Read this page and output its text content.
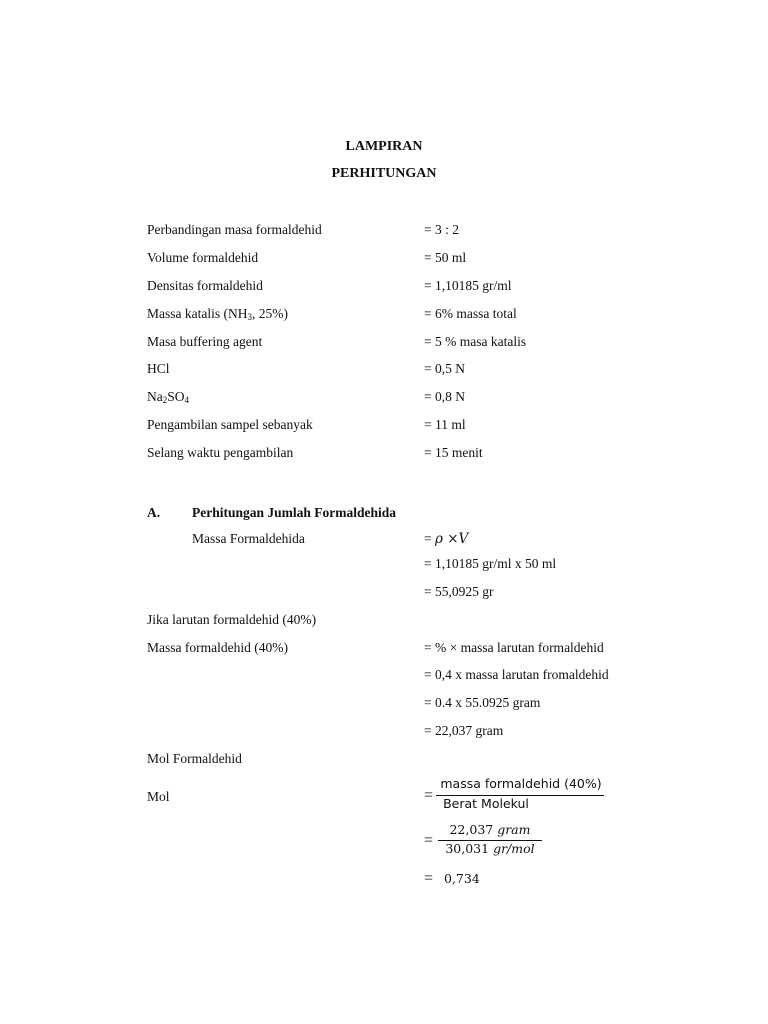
LAMPIRAN
PERHITUNGAN
Perbandingan masa formaldehid	= 3 : 2
Volume formaldehid	= 50 ml
Densitas formaldehid	= 1,10185 gr/ml
Massa katalis ($NH_3$, 25%)	= 6% massa total
Masa buffering agent	= 5 % masa katalis
HCl	= 0,5 N
$Na_2SO_4$	= 0,8 N
Pengambilan sampel sebanyak	= 11 ml
Selang waktu pengambilan	= 15 menit
A. Perhitungan Jumlah Formaldehida
Massa Formaldehida	= ρ ×V
= 1,10185 gr/ml x 50 ml
= 55,0925 gr
Jika larutan formaldehid (40%)
Massa formaldehid (40%)	= % × massa larutan formaldehid
= 0,4 x massa larutan fromaldehid
= 0.4 x 55.0925 gram
= 22,037 gram
Mol Formaldehid
Mol	=
massa formaldehid (40%)
Berat Molekul
=
22,037 gram
30,031 gr/mol
= 0,734
